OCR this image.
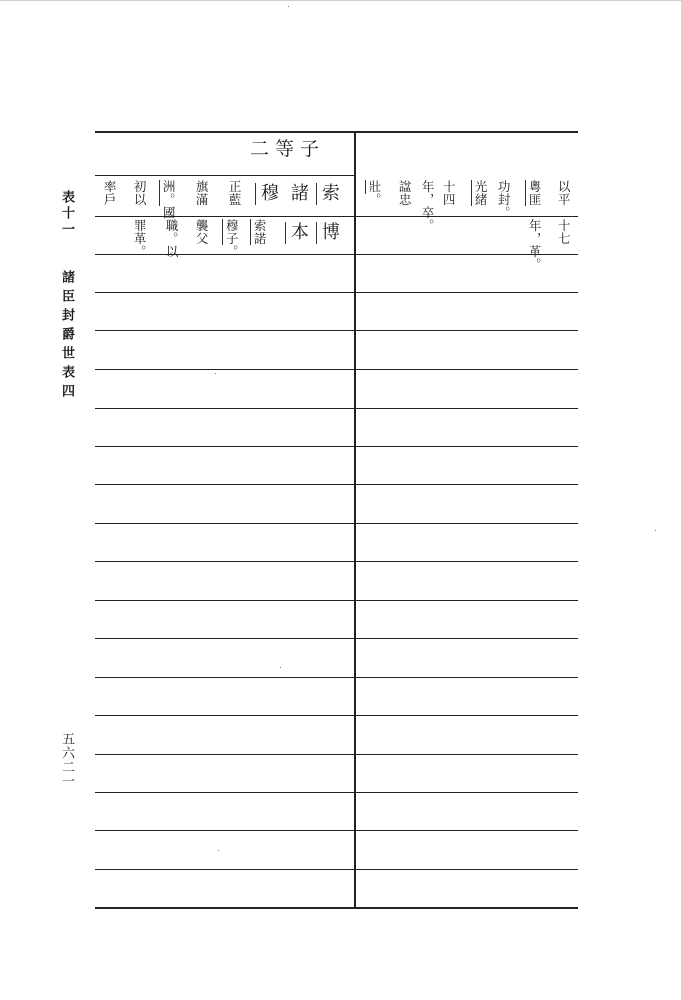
表十一
諸臣封爵世表四
五六二一
二等子
索
諸
穆
正藍
旗滿
洲。國
初以
率戶	以平
粵匪
功封。
光緒
十四
年，卒。
諡忠
壯。
博
本
索諾
穆子。
襲父
職。以
罪革。	十七
年，革。
